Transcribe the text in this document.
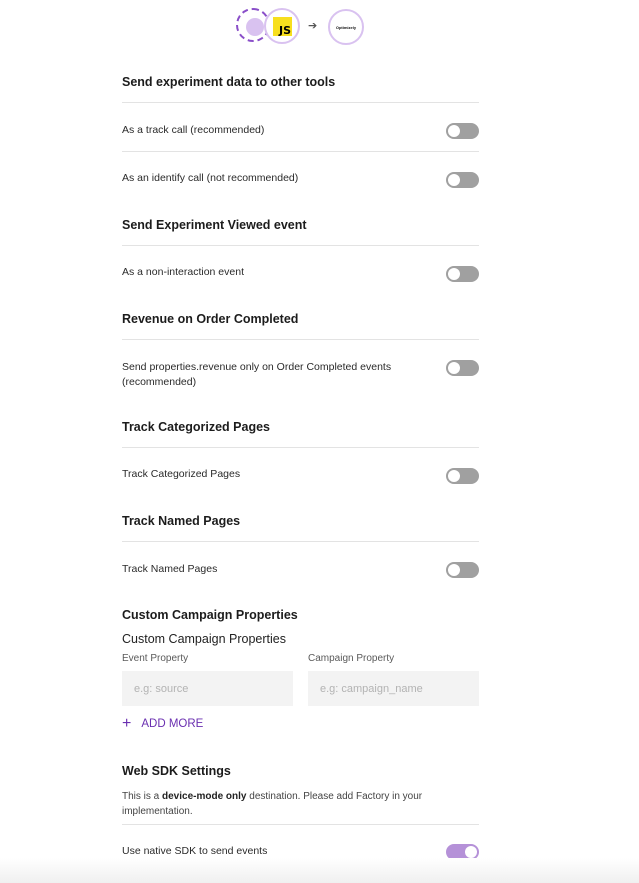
JS ➔	Optimizely
Send experiment data to other tools
As a track call (recommended)
As an identify call (not recommended)
Send Experiment Viewed event
As a non-interaction event
Revenue on Order Completed
Send properties.revenue only on Order Completed events
(recommended)
Track Categorized Pages
Track Categorized Pages
Track Named Pages
Track Named Pages
Custom Campaign Properties
Custom Campaign Properties
Event Property	Campaign Property
e.g: source
e.g: campaign_name
+ ADD MORE
Web SDK Settings
This is a device-mode only destination. Please add Factory in your
implementation.
Use native SDK to send events
